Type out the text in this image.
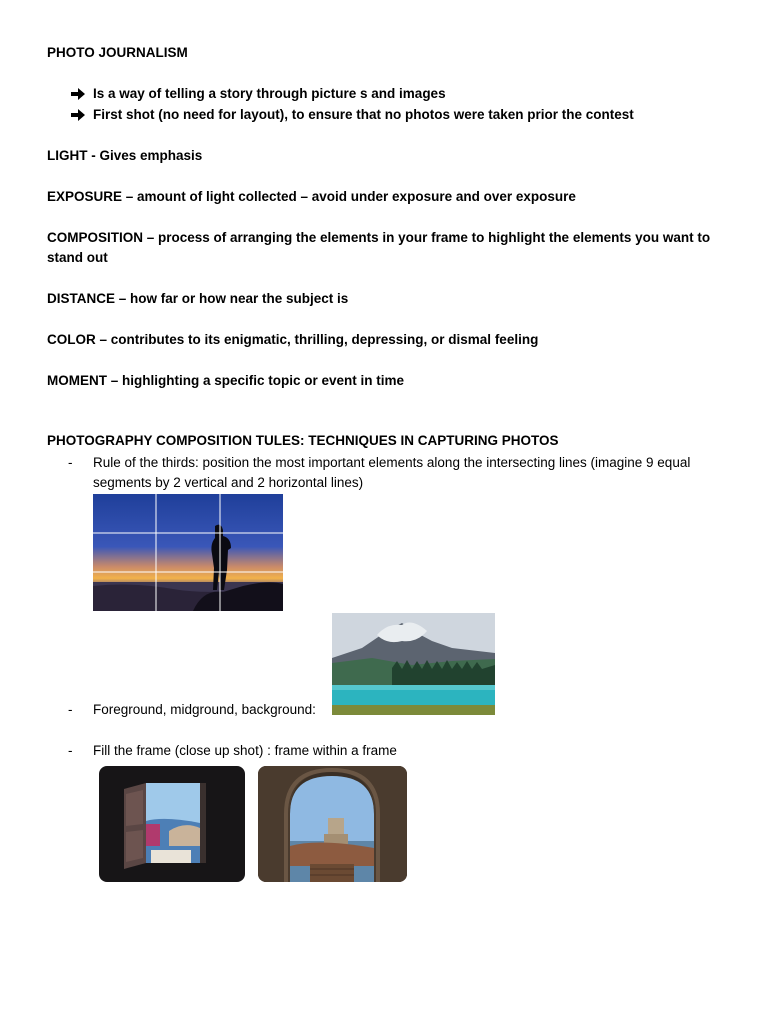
PHOTO JOURNALISM
Is a way of telling a story through picture s and images
First shot (no need for layout), to ensure that no photos were taken prior the contest
LIGHT - Gives emphasis
EXPOSURE – amount of light collected – avoid under exposure and over exposure
COMPOSITION – process of arranging the elements in your frame to highlight the elements you want to stand out
DISTANCE – how far or how near the subject is
COLOR – contributes to its enigmatic, thrilling, depressing, or dismal feeling
MOMENT – highlighting a specific topic or event in time
PHOTOGRAPHY COMPOSITION TULES: TECHNIQUES IN CAPTURING PHOTOS
- Rule of the thirds: position the most important elements along the intersecting lines (imagine 9 equal segments by 2 vertical and 2 horizontal lines)
- Foreground, midground, background:
- Fill the frame (close up shot) : frame within a frame
